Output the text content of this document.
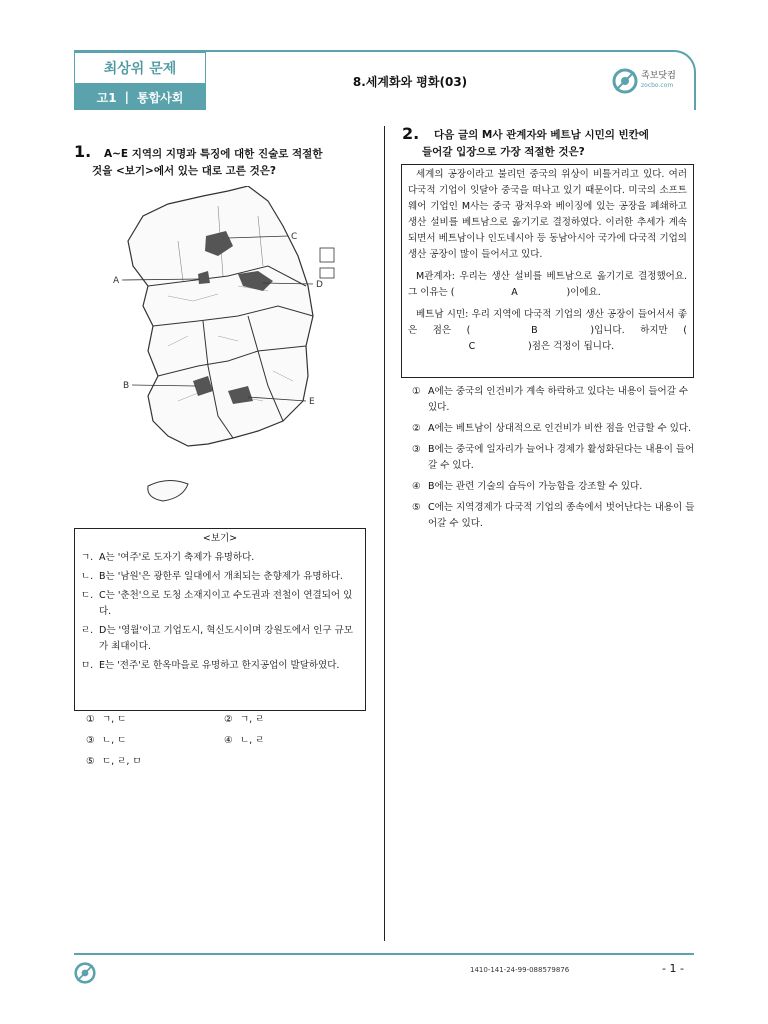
최상위 문제
고1 | 통합사회
8.세계화와 평화(03)	족보닷컴
zocbo.com
1. A~E 지역의 지명과 특징에 대한 진술로 적절한
것을 <보기>에서 있는 대로 고른 것은?
C
A	D
B
E
<보기>
ㄱ. A는 '여주'로 도자기 축제가 유명하다.
ㄴ. B는 '남원'은 광한루 일대에서 개최되는 춘향제가 유명하다.
ㄷ. C는 '춘천'으로 도청 소재지이고 수도권과 전철이 연결되어 있다.
ㄹ. D는 '영월'이고 기업도시, 혁신도시이며 강원도에서 인구 규모가 최대이다.
ㅁ. E는 '전주'로 한옥마을로 유명하고 한지공업이 발달하였다.
① ㄱ, ㄷ	② ㄱ, ㄹ
③ ㄴ, ㄷ	④ ㄴ, ㄹ
⑤ ㄷ, ㄹ, ㅁ
2. 다음 글의 M사 관계자와 베트남 시민의 빈칸에
들어갈 입장으로 가장 적절한 것은?
세계의 공장이라고 불리던 중국의 위상이 비틀거리고 있다. 여러 다국적 기업이 잇달아 중국을 떠나고 있기 때문이다. 미국의 소프트웨어 기업인 M사는 중국 광저우와 베이징에 있는 공장을 폐쇄하고 생산 설비를 베트남으로 옮기기로 결정하였다. 이러한 추세가 계속되면서 베트남이나 인도네시아 등 동남아시아 국가에 다국적 기업의 생산 공장이 많이 들어서고 있다.
M관계자: 우리는 생산 설비를 베트남으로 옮기기로 결정했어요. 그 이유는 (	A	)이에요.
베트남 시민: 우리 지역에 다국적 기업의 생산 공장이 들어서서 좋은 점은 (	B	)입니다. 하지만 (C	)점은 걱정이 됩니다.
① A에는 중국의 인건비가 계속 하락하고 있다는 내용이 들어갈 수 있다.
② A에는 베트남이 상대적으로 인건비가 비싼 점을 언급할 수 있다.
③ B에는 중국에 일자리가 늘어나 경제가 활성화된다는 내용이 들어갈 수 있다.
④ B에는 관련 기술의 습득이 가능함을 강조할 수 있다.
⑤ C에는 지역경제가 다국적 기업의 종속에서 벗어난다는 내용이 들어갈 수 있다.
1410-141-24-99-088579876	- 1 -
